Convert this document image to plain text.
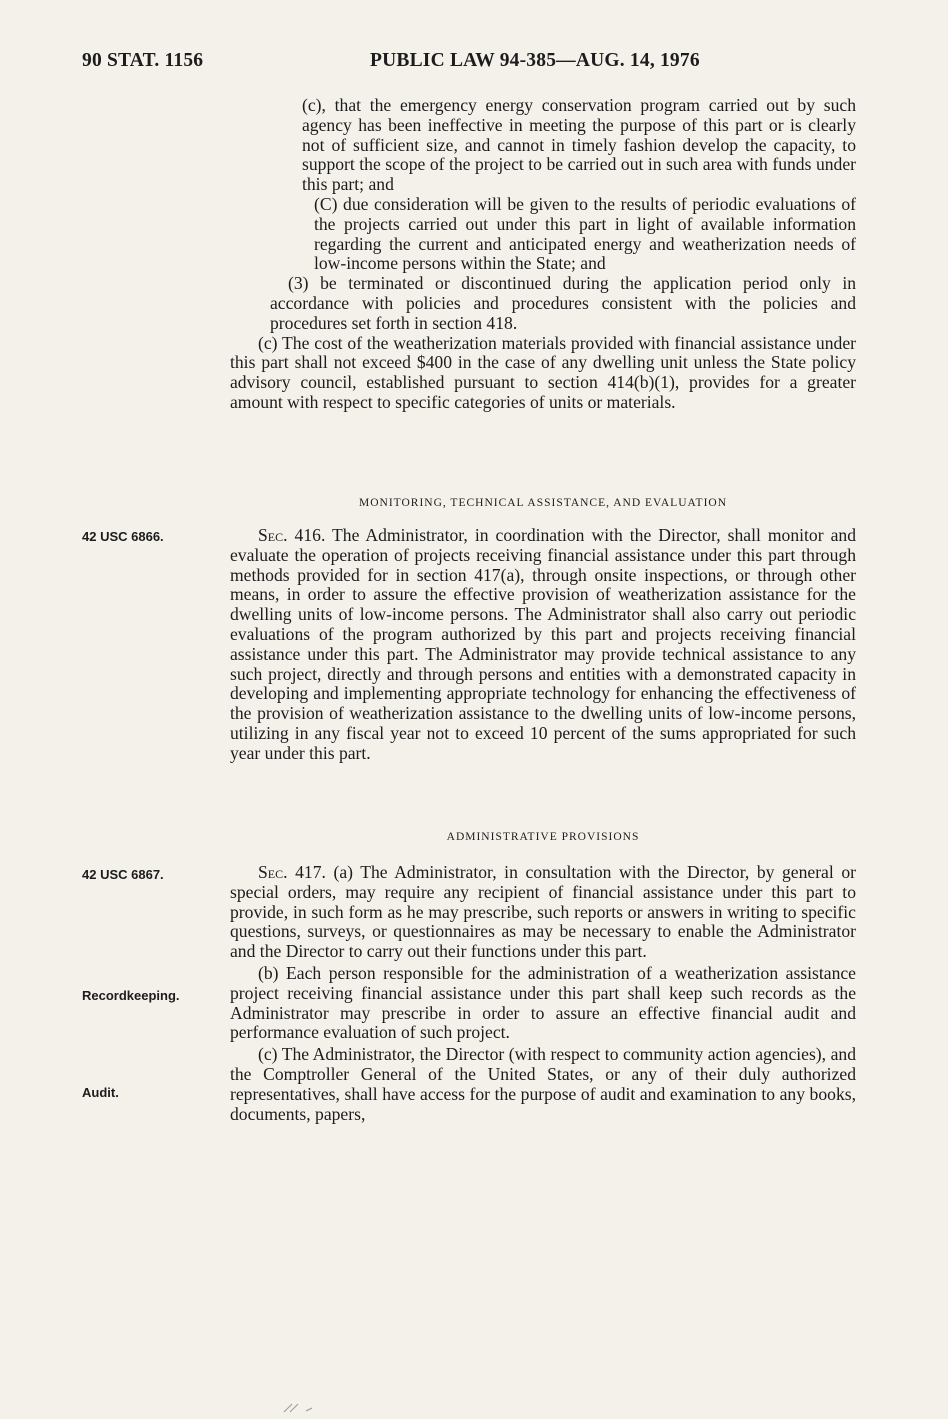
90 STAT. 1156	PUBLIC LAW 94-385—AUG. 14, 1976

(c), that the emergency energy conservation program carried out by such agency has been ineffective in meeting the purpose of this part or is clearly not of sufficient size, and cannot in timely fashion develop the capacity, to support the scope of the project to be carried out in such area with funds under this part; and

(C) due consideration will be given to the results of periodic evaluations of the projects carried out under this part in light of available information regarding the current and anticipated energy and weatherization needs of low-income persons within the State; and

(3) be terminated or discontinued during the application period only in accordance with policies and procedures consistent with the policies and procedures set forth in section 418.

(c) The cost of the weatherization materials provided with financial assistance under this part shall not exceed $400 in the case of any dwelling unit unless the State policy advisory council, established pursuant to section 414(b)(1), provides for a greater amount with respect to specific categories of units or materials.

MONITORING, TECHNICAL ASSISTANCE, AND EVALUATION
42 USC 6866.	Sec. 416. The Administrator, in coordination with the Director, shall monitor and evaluate the operation of projects receiving financial assistance under this part through methods provided for in section 417(a), through onsite inspections, or through other means, in order to assure the effective provision of weatherization assistance for the dwelling units of low-income persons. The Administrator shall also carry out periodic evaluations of the program authorized by this part and projects receiving financial assistance under this part. The Administrator may provide technical assistance to any such project, directly and through persons and entities with a demonstrated capacity in developing and implementing appropriate technology for enhancing the effectiveness of the provision of weatherization assistance to the dwelling units of low-income persons, utilizing in any fiscal year not to exceed 10 percent of the sums appropriated for such year under this part.

ADMINISTRATIVE PROVISIONS
42 USC 6867.	Sec. 417. (a) The Administrator, in consultation with the Director, by general or special orders, may require any recipient of financial assistance under this part to provide, in such form as he may prescribe, such reports or answers in writing to specific questions, surveys, or questionnaires as may be necessary to enable the Administrator and the Director to carry out their functions under this part.

(b) Each person responsible for the administration of a weatherization assistance project receiving financial assistance under this part shall keep such records as the Administrator may prescribe in order to assure an effective financial audit and performance evaluation of such project.

(c) The Administrator, the Director (with respect to community action agencies), and the Comptroller General of the United States, or any of their duly authorized representatives, shall have access for the purpose of audit and examination to any books, documents, papers,

Recordkeeping.
Audit.
